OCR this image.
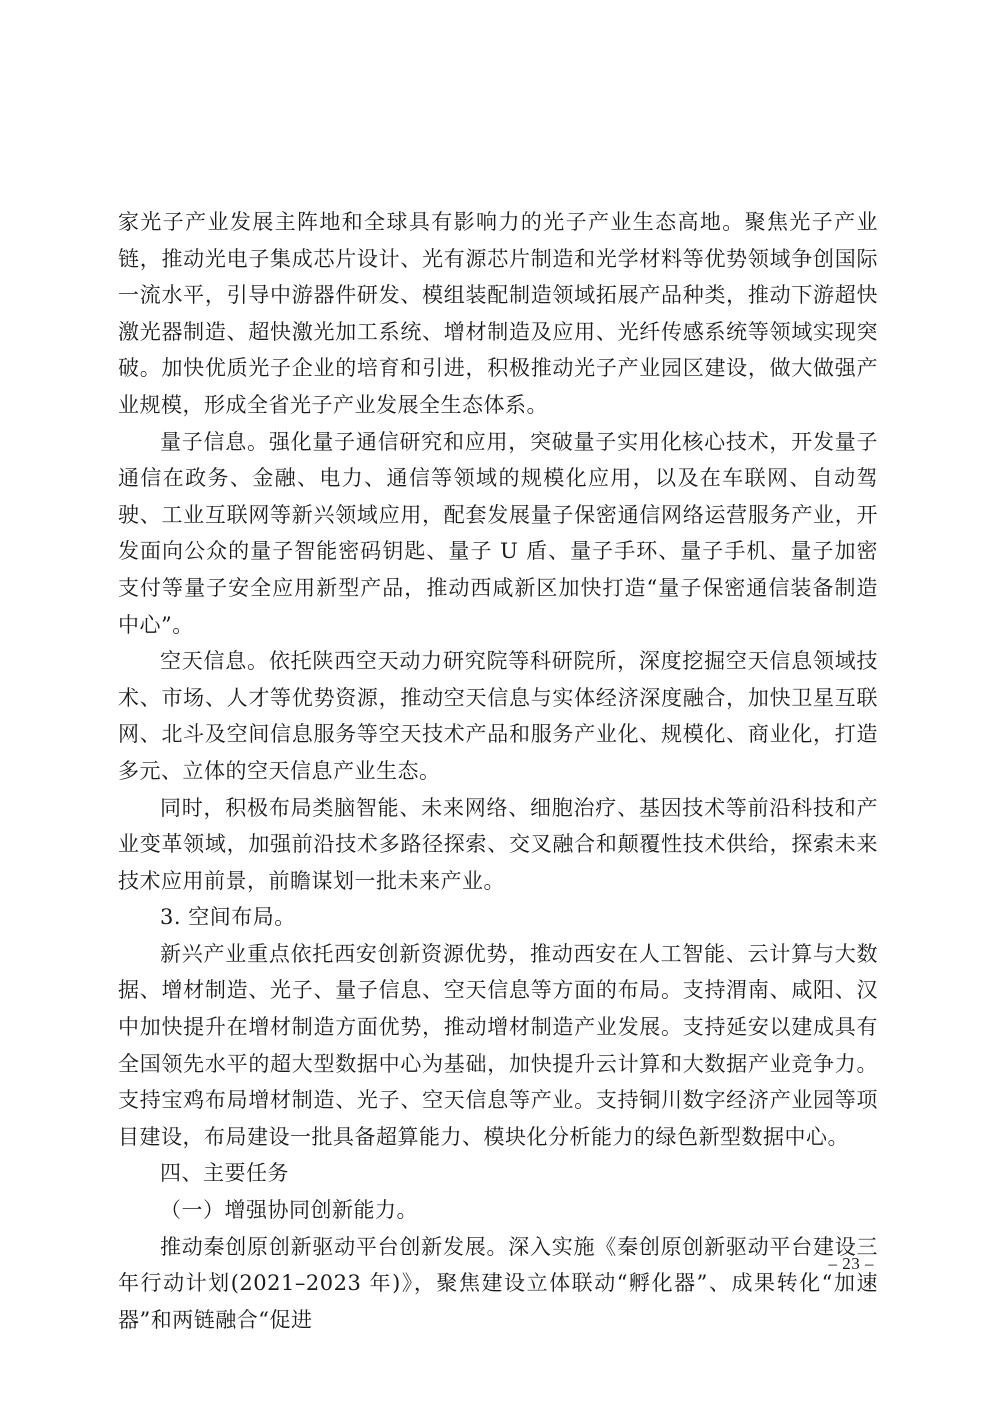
家光子产业发展主阵地和全球具有影响力的光子产业生态高地。聚焦光子产业链，推动光电子集成芯片设计、光有源芯片制造和光学材料等优势领域争创国际一流水平，引导中游器件研发、模组装配制造领域拓展产品种类，推动下游超快激光器制造、超快激光加工系统、增材制造及应用、光纤传感系统等领域实现突破。加快优质光子企业的培育和引进，积极推动光子产业园区建设，做大做强产业规模，形成全省光子产业发展全生态体系。

量子信息。强化量子通信研究和应用，突破量子实用化核心技术，开发量子通信在政务、金融、电力、通信等领域的规模化应用，以及在车联网、自动驾驶、工业互联网等新兴领域应用，配套发展量子保密通信网络运营服务产业，开发面向公众的量子智能密码钥匙、量子 U 盾、量子手环、量子手机、量子加密支付等量子安全应用新型产品，推动西咸新区加快打造“量子保密通信装备制造中心”。

空天信息。依托陕西空天动力研究院等科研院所，深度挖掘空天信息领域技术、市场、人才等优势资源，推动空天信息与实体经济深度融合，加快卫星互联网、北斗及空间信息服务等空天技术产品和服务产业化、规模化、商业化，打造多元、立体的空天信息产业生态。

同时，积极布局类脑智能、未来网络、细胞治疗、基因技术等前沿科技和产业变革领域，加强前沿技术多路径探索、交叉融合和颠覆性技术供给，探索未来技术应用前景，前瞻谋划一批未来产业。

3. 空间布局。

新兴产业重点依托西安创新资源优势，推动西安在人工智能、云计算与大数据、增材制造、光子、量子信息、空天信息等方面的布局。支持渭南、咸阳、汉中加快提升在增材制造方面优势，推动增材制造产业发展。支持延安以建成具有全国领先水平的超大型数据中心为基础，加快提升云计算和大数据产业竞争力。支持宝鸡布局增材制造、光子、空天信息等产业。支持铜川数字经济产业园等项目建设，布局建设一批具备超算能力、模块化分析能力的绿色新型数据中心。

四、主要任务

（一）增强协同创新能力。

推动秦创原创新驱动平台创新发展。深入实施《秦创原创新驱动平台建设三年行动计划(2021–2023 年)》，聚焦建设立体联动“孵化器”、成果转化“加速器”和两链融合“促进

– 23 –
